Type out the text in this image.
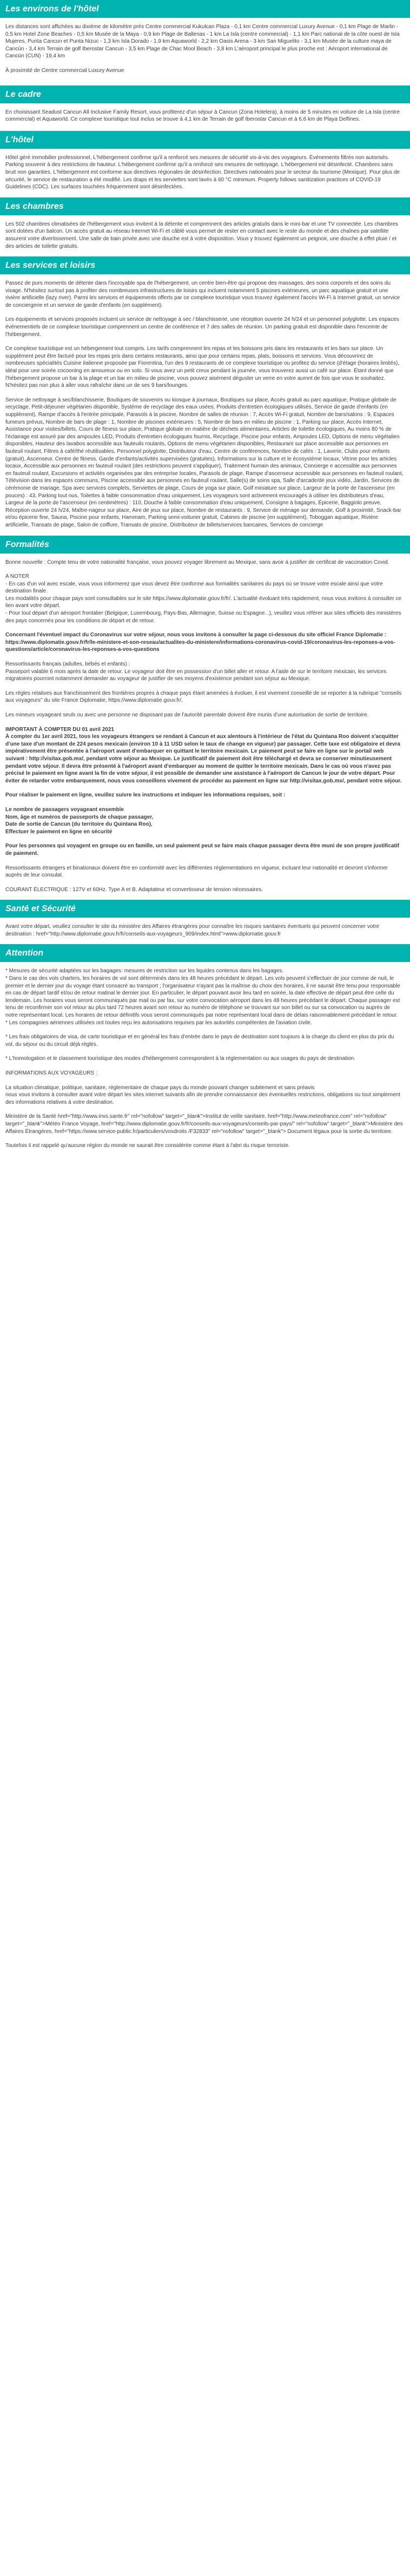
Les environs de l'hôtel

Les distances sont affichées au dixième de kilomètre près Centre commercial Kukulcan Plaza - 0,1 km Centre commercial Luxury Avenue - 0,1 km Plage de Marlin - 0,5 km Hotel Zone Beaches - 0,5 km Musée de la Maya - 0,9 km Plage de Ballenas - 1 km La Isla (centre commercial) - 1,1 km Parc national de la côte ouest de Isla Mujeres, Punta Cancun et Punta Nizuc - 1,3 km Isla Dorado - 1,9 km Aquaworld - 2,2 km Oasis Arena - 3 km San Miguelito - 3,1 km Musée de la culture maya de Cancún - 3,4 km Terrain de golf Iberostar Cancun - 3,5 km Plage de Chac Mool Beach - 3,8 km L'aéroport principal le plus proche est : Aéroport international de Cancún (CUN) - 19,4 km

À proximité de Centre commercial Luxury Avenue

Le cadre

En choisissant Seadust Cancun All Inclusive Family Resort, vous profiterez d'un séjour à Cancun (Zona Hotelera), à moins de 5 minutes en voiture de La Isla (centre commercial) et Aquaworld. Ce complexe touristique tout inclus se trouve à 4,1 km de Terrain de golf Iberostar Cancun et à 6,6 km de Playa Delfines.

L'hôtel

Hôtel géré immobilier professionnel, L'hébergement confirme qu'il a renforcé ses mesures de sécurité vis-à-vis des voyageurs. Événements filtrés non autorisés. Parking souvenir à des restrictions de hauteur. L'hébergement confirme qu'il a renforcé ses mesures de nettoyage. L'hébergement est désinfecté. Chambres sans bruit non garanties. L'hébergement est conforme aux directives régionales de désinfection. Directives nationales pour le secteur du tourisme (Mexique). Pour plus de sécurité, le service de restauration a été modifié. Les draps et les serviettes sont lavés à 60 °C minimum. Property follows sanitization practices of COVID-19 Guidelines (CDC). Les surfaces touchées fréquemment sont désinfectées.

Les chambres

Les 502 chambres climatisées de l'hébergement vous invitent à la détente et comprennent des articles gratuits dans le mini-bar et une TV connectée. Les chambres sont dotées d'un balcon. Un accès gratuit au réseau Internet Wi-Fi et câblé vous permet de rester en contact avec le reste du monde et des chaînes par satellite assurent votre divertissement. Une salle de bain privée avec une douche est à votre disposition. Vous y trouvez également un peignoir, une douche à effet pluie / et des articles de toilette gratuits.

Les services et loisirs

Passez de purs moments de détente dans l'incroyable spa de l'hébergement, un centre bien-être qui propose des massages, des soins corporels et des soins du visage. N'hésitez surtout pas à profiter des nombreuses infrastructures de loisirs qui incluent notamment 5 piscines extérieures, un parc aquatique gratuit et une rivière artificielle (lazy river). Parmi les services et équipements offerts par ce complexe touristique vous trouvez également l'accès Wi-Fi à Internet gratuit, un service de conciergerie et un service de garde d'enfants (en supplément).

Les équipements et services proposés incluent un service de nettoyage à sec / blanchisserie, une réception ouverte 24 h/24 et un personnel polyglotte. Les espaces événementiels de ce complexe touristique comprennent un centre de conférence et 7 des salles de réunion. Un parking gratuit est disponible dans l'enceinte de l'hébergement.

Ce complexe touristique est un hébergement tout compris. Les tarifs comprennent les repas et les boissons pris dans les restaurants et les bars sur place. Un supplément peut être facturé pour les repas pris dans certains restaurants, ainsi que pour certains repas, plats, boissons et services. Vous découvrirez de nombreuses spécialités Cuisine italienne proposée par Fiorentina, l'un des 9 restaurants de ce complexe touristique ou profitez du service (d'étage (horaires limités), idéal pour une soirée cocooning en amoureux ou en solo. Si vous avez un petit creux pendant la journée, vous trouverez aussi un café sur place. Étant donné que l'hébergement propose un bar à la plage et un bar en milieu de piscine, vous pouvez aisément déguster un verre en votre aumnt de fois que vous le souhaitez. N'hésitez pas non plus à aller vous rafraîchir dans un de ses 9 bars/lounges.

Service de nettoyage à sec/blanchisserie, Boutiques de souvenirs ou kiosque à journaux, Boutiques sur place, Accès gratuit au parc aquatique, Pratique globale de recyclage, Petit-déjeuner végétarien disponible, Système de recyclage des eaux usées, Produits d'entretien écologiques utilisés, Service de garde d'enfants (en supplément), Rampe d'accès à l'entrée principale, Parasols à la piscine, Nombre de salles de réunion : 7, Accès Wi-Fi gratuit, Nombre de bars/salons : 9, Espaces fumeurs prévus, Nombre de bars de plage : 1, Nombre de piscines extérieures : 5, Nombre de bars en milieu de piscine : 1, Parking sur place, Accès Internet, Assistance pour visites/billets, Cours de fitness sur place, Pratique globale en matière de déchets alimentaires, Articles de toilette écologiques, Au moins 80 % de l'éclairage est assuré par des ampoules LED, Produits d'entretien écologiques fournis, Recyclage, Piscine pour enfants, Ampoules LED, Options de menu végétalien disponibles, Hauteur des lavabos accessible aux fauteuils roulants, Options de menu végétarien disponibles, Restaurant sur place accessible aux personnes en fauteuil roulant, Filtres à café/thé réutilisables, Personnel polyglotte, Distributeur d'eau, Centre de conférences, Nombre de cafés : 1, Laverie, Clubs pour enfants (gratuit), Ascenseur, Centre de fitness, Garde d'enfants/activités supervisées (gratuites), Informations sur la culture et le écosystème locaux, Vitrine pour les articles locaux, Accessible aux personnes en fauteuil roulant (des restrictions peuvent s'appliquer), Traitement humain des animaux, Concierge e accessible aux personnes en fauteuil roulant, Excursions et activités organisées par des entreprise locales, Parasols de plage, Rampe d'ascenseur accessible aux personnes en fauteuil roulant, Télévision dans les espaces communs, Piscine accessible aux personnes en fauteuil roulant, Salle(s) de soins spa, Salle d'arcade/de jeux vidéo, Jardin, Services de cérémonie de mariage, Spa avec services complets, Serviettes de plage, Cours de yoga sur place, Golf miniature sur place, Largeur de la porte de l'ascenseur (en pouces) : 43, Parking tout nus, Toilettes à faible consommation d'eau uniquement, Les voyageurs sont activement encouragés à utiliser les distributeurs d'eau, Largeur de la porte de l'ascenseur (en centimètres) : 110, Douche à faible consommation d'eau uniquement, Consigne à bagages, Épicerie, Baggiolo preuve, Réception ouverte 24 h/24, Maître-nageur sur place, Aire de jeux sur place, Nombre de restaurants : 9, Service de ménage sur demande, Golf à proximité, Snack-bar et/ou épicerie fine, Sauna, Piscine pour enfants, Hammam, Parking semi-voiturier gratuit, Cabines de piscine (en supplément), Toboggan aquatique, Rivière artificielle, Transats de plage, Salon de coiffure, Transats de piscine, Distributeur de billets/services bancaires, Services de concierge

Formalités

Bonne nouvelle : Compte tenu de votre nationalité française, vous pouvez voyager librement au Mexique, sans avoir à justifier de certificat de vaccination Covid.

A NOTER
- En cas d'un vol avec escale, vous vous informerez que vous devez être conforme aux formalités sanitaires du pays où se trouve votre escale ainsi que votre destination finale.
Les modalités pour chaque pays sont consultables sur le site https://www.diplomatie.gouv.fr/fr/. L'actualité évoluant très rapidement, nous vous invitons à consulter ce lien avant votre départ.
- Pour tout départ d'un aéroport frontalier (Belgique, Luxembourg, Pays-Bas, Allemagne, Suisse ou Espagne...), veuillez vous référer aux sites officiels des ministères des pays concernés pour les conditions de départ et de retour.

Concernant l'éventuel impact du Coronavirus sur votre séjour, nous vous invitons à consulter la page ci-dessous du site officiel France Diplomatie :
https://www.diplomatie.gouv.fr/fr/le-ministere-et-son-reseau/actualites-du-ministere/informations-coronavirus-covid-19/coronavirus-les-reponses-a-vos-questions/article/coronavirus-les-reponses-a-vos-questions

Ressortissants français (adultes, bébés et enfants) :
Passeport valable 6 mois après la date de retour. Le voyageur doit être en possession d'un billet aller et retour. A l'aide de sur le territoire mexicain, les services migratoires pourront notamment demander au voyageur de justifier de ses moyens d'existence pendant son séjour au Mexique.

Les règles relatives aux franchissement des frontières propres à chaque pays étant amenées à évoluer, il est vivement conseillé de se reporter à la rubrique "conseils aux voyageurs" du site France Diplomatie, https://www.diplomatie.gouv.fr/.

Les mineurs voyageant seuls ou avec une personne ne disposant pas de l'autorité parentale doivent être munis d'une autorisation de sortie de territoire.

IMPORTANT À COMPTER DU 01 avril 2021
À compter du 1er avril 2021, tous les voyageurs étrangers se rendant à Cancun et aux alentours à l'intérieur de l'état du Quintana Roo doivent s'acquitter d'une taxe d'un montant de 224 pesos mexicain (environ 10 à 11 USD selon le taux de change en vigueur) par passager. Cette taxe est obligatoire et devra impérativement être présentée à l'aéroport avant d'embarquer en quittant le territoire mexicain. Le paiement peut se faire en ligne sur le portail web suivant : http://visitax.gob.mx/, pendant votre séjour au Mexique. Le justificatif de paiement doit être téléchargé et devra se conserver minutieusement pendant votre séjour. Il devra être présenté à l'aéroport avant d'embarquer au moment de quitter le territoire mexicain. Dans le cas où vous n'avez pas précisé le paiement en ligne avant la fin de votre séjour, il est possible de demander une assistance à l'aéroport de Cancun le jour de votre départ. Pour éviter de retarder votre embarquement, nous vous conseillons vivement de procéder au paiement en ligne sur http://visitax.gob.mx/, pendant votre séjour.

Pour réaliser le paiement en ligne, veuillez suivre les instructions et indiquer les informations requises, soit :

Le nombre de passagers voyageant ensemble
Nom, âge et numéros de passeports de chaque passager,
Date de sortie de Cancun (du territoire du Quintana Roo),
Effectuer le paiement en ligne en sécurité

Pour les personnes qui voyagent en groupe ou en famille, un seul paiement peut se faire mais chaque passager devra être muni de son propre justificatif de paiement.

Ressortissants étrangers et binationaux doivent être en conformité avec les différentes réglementations en vigueur, incluant leur nationalité et devront s'informer auprès de leur consulat.

COURANT ÉLECTRIQUE : 127V et 60Hz. Type A et B. Adaptateur et convertisseur de tension nécessaires.

Santé et Sécurité

Avant votre départ, veuillez consulter le site du ministère des Affaires étrangères pour connaître les risques sanitaires éventuels qui peuvent concerner votre destination : href="http://www.diplomatie.gouv.fr/fr/conseils-aux-voyageurs_909/index.html">www.diplomatie.gouv.fr

Attention

* Mesures de sécurité adaptées sur les bagages: mesures de restriction sur les liquides contenus dans les bagages.
* Dans le cas des vols charters, les horaires de vol sont déterminés dans les 48 heures précédant le départ. Les vols peuvent s'effectuer de jour comme de nuit, le premier et le dernier jour du voyage étant consacré au transport ; l'organisateur n'ayant pas la maîtrise du choix des horaires, il ne saurait être tenu pour responsable en cas de départ tardif et/ou de retour matinal le dernier jour. En particulier, le départ pouvant avoir lieu tard en soirée, la date effective de départ peut être celle du lendemain. Les horaires vous seront communiqués par mail ou par fax, sur votre convocation aéroport dans les 48 heures précédant le départ. Chaque passager est tenu de reconfirmer son vol retour au plus tard 72 heures avant son retour au numéro de téléphone se trouvant sur son billet ou sur sa convocation ou auprès de notre représentant local. Les horaires de retour définitifs vous seront communiqués par notre représentant local dans de délais raisonnablement précédant le retour.
* Les compagnies aériennes utilisées ont toutes reçu les autorisations requises par les autorités compétentes de l'aviation civile.

* Les frais obligatoires de visa, de carte touristique et en général les frais d'entrée dans le pays de destination sont toujours à la charge du client en plus du prix du vol, du séjour ou du circuit déjà réglés.

* L'homologation et le classement touristique des modes d'hébergement correspondent à la réglementation ou aux usages du pays de destination.

INFORMATIONS AUX VOYAGEURS :

La situation climatique, politique, sanitaire, réglementaire de chaque pays du monde pouvant changer subitement et sans préavis
nous vous invitons à consulter avant votre départ les sites internet suivants afin de prendre connaissance des éventuelles restrictions, obligations ou tout simplement des informations relatives à votre destination.

Ministère de la Santé href="http://www.invs.sante.fr" rel="nofollow" target="_blank">Institut de veille sanitaire, href="http://www.meteofrance.com" rel="nofollow" target="_blank">Météo France Voyage, href="http://www.diplomatie.gouv.fr/fr/conseils-aux-voyageurs/conseils-par-pays/" rel="nofollow" target="_blank">Ministère des Affaires Étrangères, href="https://www.service-public.fr/particuliers/vosdroits /F32833" rel="nofollow" target="_blank"> Document légaux pour la sortie du territoire.

Toutefois il est rappelé qu'aucune région du monde ne saurait être considérée comme étant à l'abri du risque terroriste.
